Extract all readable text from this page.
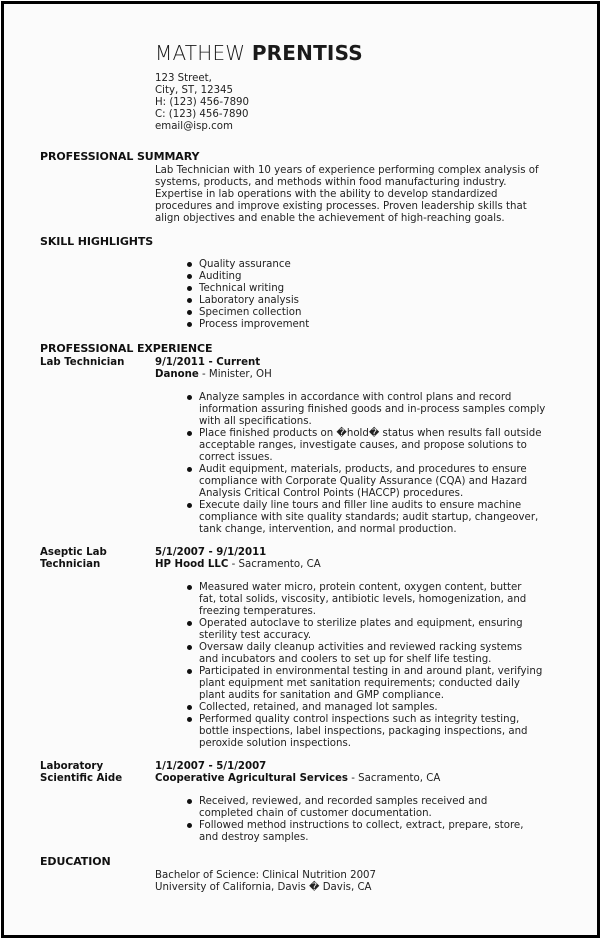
MATHEW PRENTISS
123 Street,
City, ST, 12345
H: (123) 456-7890
C: (123) 456-7890
email@isp.com
PROFESSIONAL SUMMARY
Lab Technician with 10 years of experience performing complex analysis of
systems, products, and methods within food manufacturing industry.
Expertise in lab operations with the ability to develop standardized
procedures and improve existing processes. Proven leadership skills that
align objectives and enable the achievement of high-reaching goals.
SKILL HIGHLIGHTS
Quality assurance
Auditing
Technical writing
Laboratory analysis
Specimen collection
Process improvement
PROFESSIONAL EXPERIENCE
Lab Technician	9/1/2011 - Current
Danone - Minister, OH
Analyze samples in accordance with control plans and record
information assuring finished goods and in-process samples comply
with all specifications.
Place finished products on �hold� status when results fall outside
acceptable ranges, investigate causes, and propose solutions to
correct issues.
Audit equipment, materials, products, and procedures to ensure
compliance with Corporate Quality Assurance (CQA) and Hazard
Analysis Critical Control Points (HACCP) procedures.
Execute daily line tours and filler line audits to ensure machine
compliance with site quality standards; audit startup, changeover,
tank change, intervention, and normal production.
Aseptic Lab Technician
5/1/2007 - 9/1/2011
HP Hood LLC - Sacramento, CA
Measured water micro, protein content, oxygen content, butter
fat, total solids, viscosity, antibiotic levels, homogenization, and
freezing temperatures.
Operated autoclave to sterilize plates and equipment, ensuring
sterility test accuracy.
Oversaw daily cleanup activities and reviewed racking systems
and incubators and coolers to set up for shelf life testing.
Participated in environmental testing in and around plant, verifying
plant equipment met sanitation requirements; conducted daily
plant audits for sanitation and GMP compliance.
Collected, retained, and managed lot samples.
Performed quality control inspections such as integrity testing,
bottle inspections, label inspections, packaging inspections, and
peroxide solution inspections.
Laboratory Scientific Aide
1/1/2007 - 5/1/2007
Cooperative Agricultural Services - Sacramento, CA
Received, reviewed, and recorded samples received and
completed chain of customer documentation.
Followed method instructions to collect, extract, prepare, store,
and destroy samples.
EDUCATION
Bachelor of Science: Clinical Nutrition 2007
University of California, Davis � Davis, CA
